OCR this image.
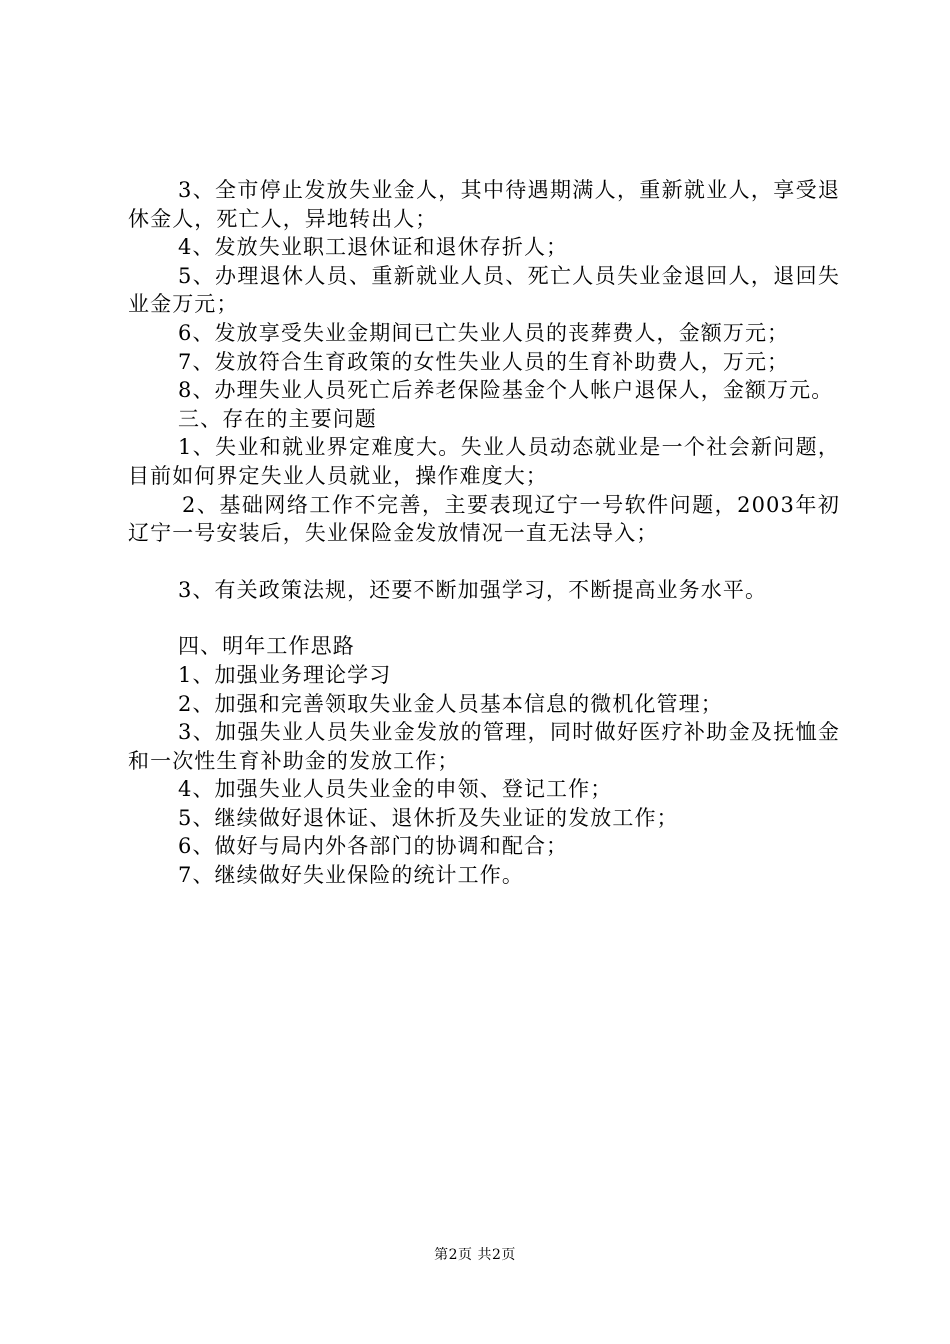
3、全市停止发放失业金人，其中待遇期满人，重新就业人，享受退休金人，死亡人，异地转出人；

4、发放失业职工退休证和退休存折人；

5、办理退休人员、重新就业人员、死亡人员失业金退回人，退回失业金万元；

6、发放享受失业金期间已亡失业人员的丧葬费人，金额万元；

7、发放符合生育政策的女性失业人员的生育补助费人，万元；

8、办理失业人员死亡后养老保险基金个人帐户退保人，金额万元。

三、存在的主要问题

1、失业和就业界定难度大。失业人员动态就业是一个社会新问题，目前如何界定失业人员就业，操作难度大；

2、基础网络工作不完善，主要表现辽宁一号软件问题，2003年初辽宁一号安装后，失业保险金发放情况一直无法导入；

3、有关政策法规，还要不断加强学习，不断提高业务水平。

四、明年工作思路

1、加强业务理论学习

2、加强和完善领取失业金人员基本信息的微机化管理；

3、加强失业人员失业金发放的管理，同时做好医疗补助金及抚恤金和一次性生育补助金的发放工作；

4、加强失业人员失业金的申领、登记工作；

5、继续做好退休证、退休折及失业证的发放工作；

6、做好与局内外各部门的协调和配合；

7、继续做好失业保险的统计工作。

第2页 共2页
